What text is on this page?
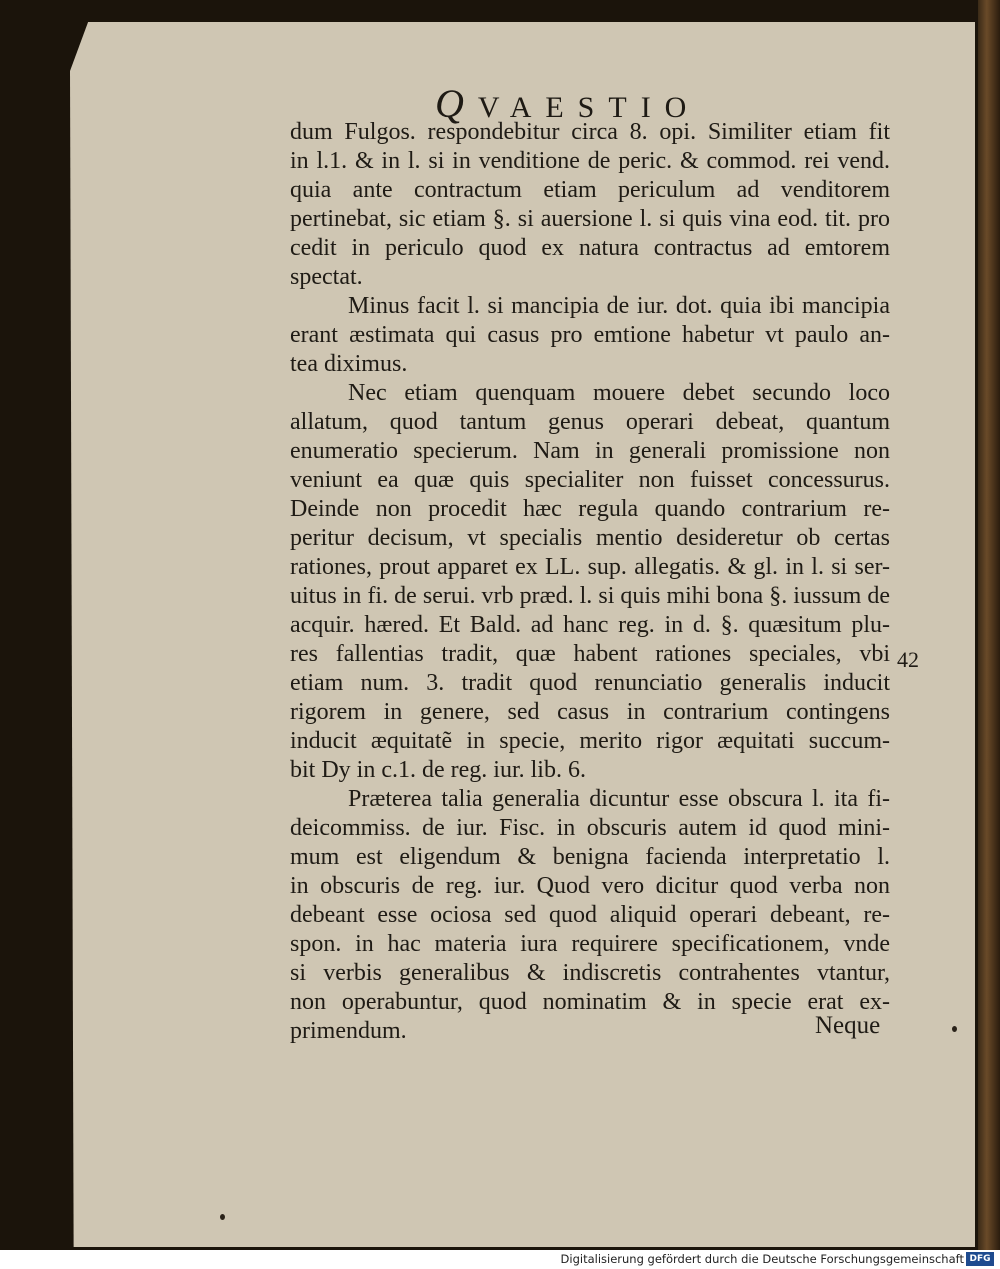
QVAESTIO
dum Fulgos. respondebitur circa 8. opi. Similiter etiam fit
in l.1. & in l. si in venditione de peric. & commod. rei vend.
quia ante contractum etiam periculum ad venditorem
pertinebat, sic etiam §. si auersione l. si quis vina eod. tit. pro
cedit in periculo quod ex natura contractus ad emtorem
spectat.
Minus facit l. si mancipia de iur. dot. quia ibi mancipia
erant æstimata qui casus pro emtione habetur vt paulo an-
tea diximus.
Nec etiam quenquam mouere debet secundo loco
allatum, quod tantum genus operari debeat, quantum
enumeratio specierum. Nam in generali promissione non
veniunt ea quæ quis specialiter non fuisset concessurus.
Deinde non procedit hæc regula quando contrarium re-
peritur decisum, vt specialis mentio desideretur ob certas
rationes, prout apparet ex LL. sup. allegatis. & gl. in l. si ser-
uitus in fi. de serui. vrb præd. l. si quis mihi bona §. iussum de
acquir. hæred. Et Bald. ad hanc reg. in d. §. quæsitum plu-
res fallentias tradit, quæ habent rationes speciales, vbi
etiam num. 3. tradit quod renunciatio generalis inducit
rigorem in genere, sed casus in contrarium contingens
inducit æquitatẽ in specie, merito rigor æquitati succum-
bit Dy in c.1. de reg. iur. lib. 6.
Præterea talia generalia dicuntur esse obscura l. ita fi-
deicommiss. de iur. Fisc. in obscuris autem id quod mini-
mum est eligendum & benigna facienda interpretatio l.
in obscuris de reg. iur. Quod vero dicitur quod verba non
debeant esse ociosa sed quod aliquid operari debeant, re-
spon. in hac materia iura requirere specificationem, vnde
si verbis generalibus & indiscretis contrahentes vtantur,
non operabuntur, quod nominatim & in specie erat ex-
primendum.
42
Neque
Digitalisierung gefördert durch die Deutsche Forschungsgemeinschaft DFG
